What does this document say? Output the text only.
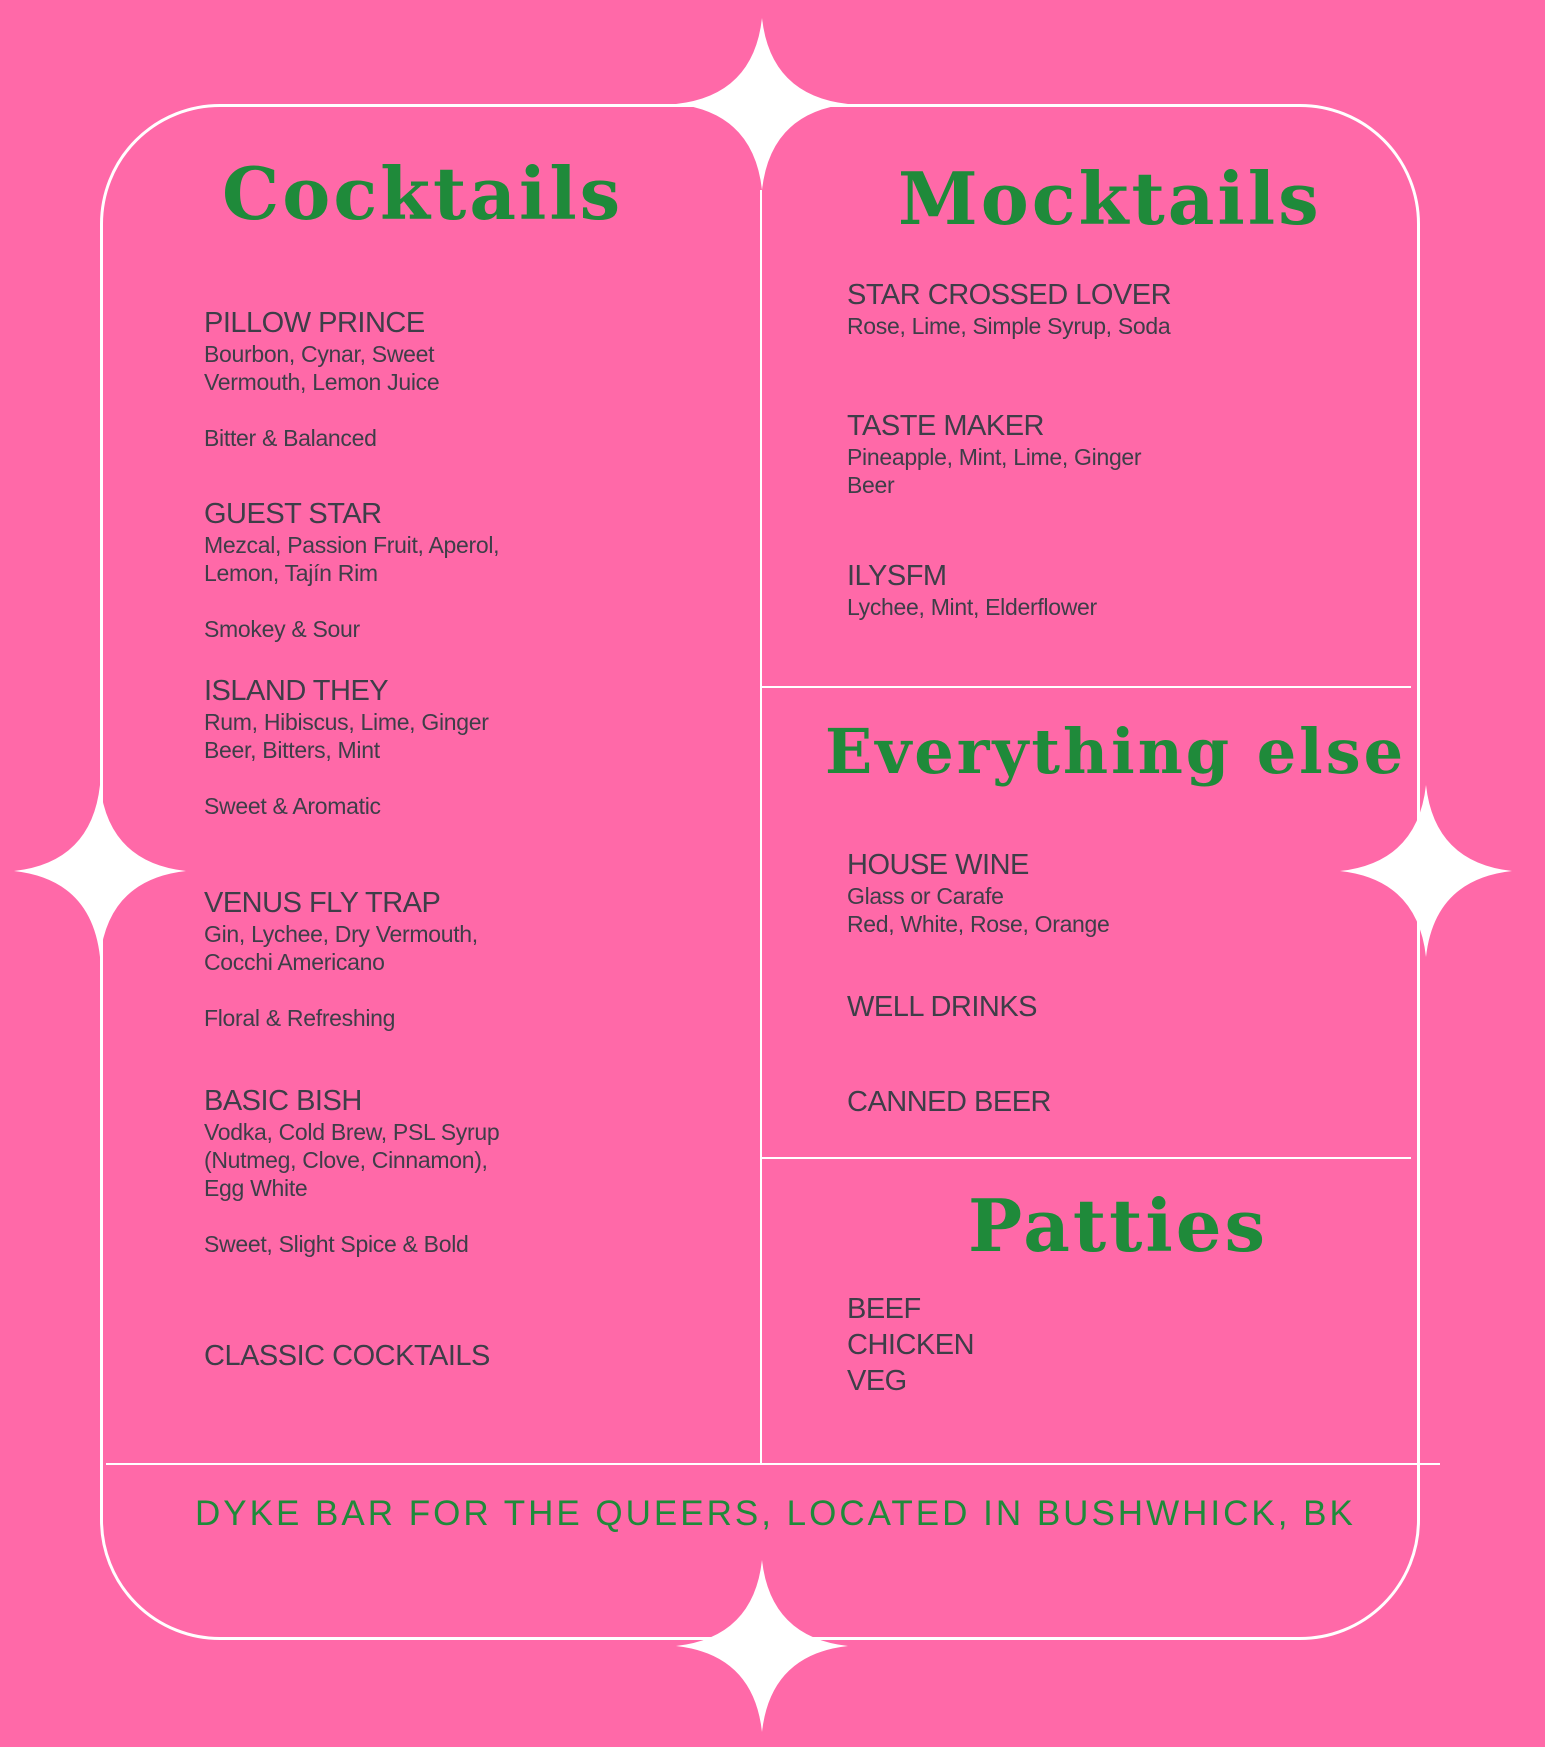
Cocktails	Mocktails
Everything else
Patties
PILLOW PRINCE
Bourbon, Cynar, Sweet
Vermouth, Lemon Juice
Bitter & Balanced
GUEST STAR
Mezcal, Passion Fruit, Aperol,
Lemon, Tajín Rim
Smokey & Sour
ISLAND THEY
Rum, Hibiscus, Lime, Ginger
Beer, Bitters, Mint
Sweet & Aromatic
VENUS FLY TRAP
Gin, Lychee, Dry Vermouth,
Cocchi Americano
Floral & Refreshing
BASIC BISH
Vodka, Cold Brew, PSL Syrup
(Nutmeg, Clove, Cinnamon),
Egg White
Sweet, Slight Spice & Bold
CLASSIC COCKTAILS
STAR CROSSED LOVER
Rose, Lime, Simple Syrup, Soda
TASTE MAKER
Pineapple, Mint, Lime, Ginger
Beer
ILYSFM
Lychee, Mint, Elderflower
HOUSE WINE
Glass or Carafe
Red, White, Rose, Orange
WELL DRINKS
CANNED BEER
BEEF
CHICKEN
VEG
DYKE BAR FOR THE QUEERS, LOCATED IN BUSHWHICK, BK
